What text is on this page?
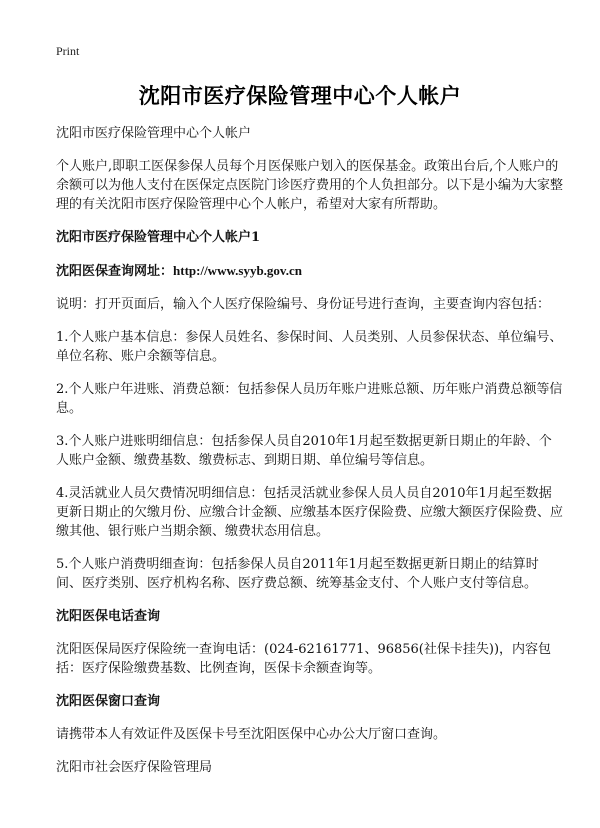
Print
沈阳市医疗保险管理中心个人帐户

沈阳市医疗保险管理中心个人帐户

个人账户,即职工医保参保人员每个月医保账户划入的医保基金。政策出台后,个人账户的余额可以为他人支付在医保定点医院门诊医疗费用的个人负担部分。以下是小编为大家整理的有关沈阳市医疗保险管理中心个人帐户，希望对大家有所帮助。

沈阳市医疗保险管理中心个人帐户1

沈阳医保查询网址：http://www.syyb.gov.cn

说明：打开页面后，输入个人医疗保险编号、身份证号进行查询，主要查询内容包括：

1.个人账户基本信息：参保人员姓名、参保时间、人员类别、人员参保状态、单位编号、单位名称、账户余额等信息。

2.个人账户年进账、消费总额：包括参保人员历年账户进账总额、历年账户消费总额等信息。

3.个人账户进账明细信息：包括参保人员自2010年1月起至数据更新日期止的年龄、个人账户金额、缴费基数、缴费标志、到期日期、单位编号等信息。

4.灵活就业人员欠费情况明细信息：包括灵活就业参保人员人员自2010年1月起至数据更新日期止的欠缴月份、应缴合计金额、应缴基本医疗保险费、应缴大额医疗保险费、应缴其他、银行账户当期余额、缴费状态用信息。

5.个人账户消费明细查询：包括参保人员自2011年1月起至数据更新日期止的结算时间、医疗类别、医疗机构名称、医疗费总额、统筹基金支付、个人账户支付等信息。

沈阳医保电话查询

沈阳医保局医疗保险统一查询电话：(024-62161771、96856(社保卡挂失))，内容包括：医疗保险缴费基数、比例查询，医保卡余额查询等。

沈阳医保窗口查询

请携带本人有效证件及医保卡号至沈阳医保中心办公大厅窗口查询。

沈阳市社会医疗保险管理局
